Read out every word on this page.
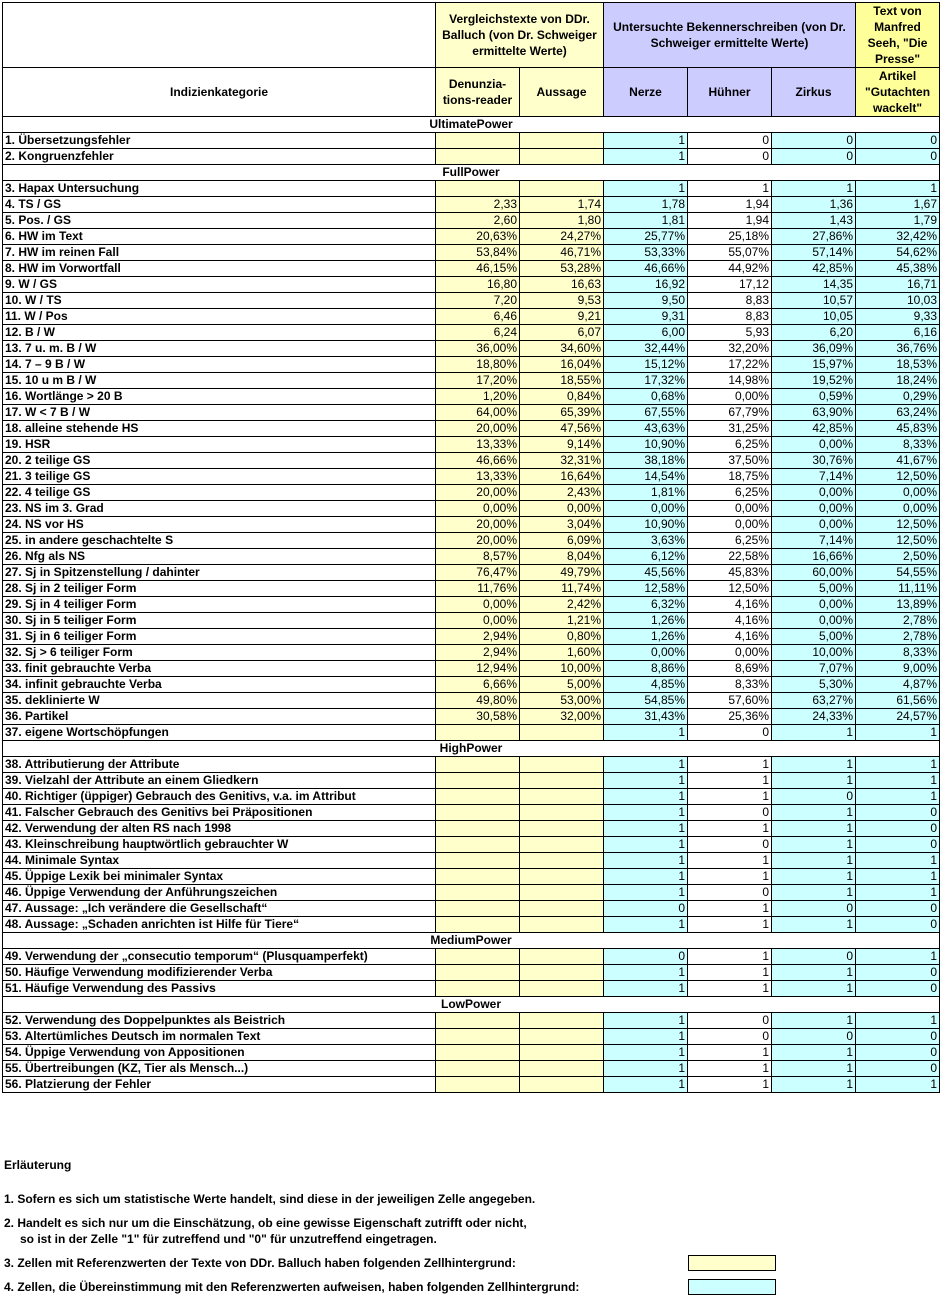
	Vergleichstexte von DDr. Balluch (von Dr. Schweiger ermittelte Werte)		Untersuchte Bekennerschreiben (von Dr. Schweiger ermittelte Werte)			Text von Manfred Seeh, "Die Presse"
Indizienkategorie	Denunzia-tions-reader	Aussage	Nerze	Hühner	Zirkus	Artikel "Gutachten wackelt"
UltimatePower						
1. Übersetzungsfehler			1	0	0	0
2. Kongruenzfehler			1	0	0	0
FullPower						
3. Hapax Untersuchung			1	1	1	1
4. TS / GS	2,33	1,74	1,78	1,94	1,36	1,67
5. Pos. / GS	2,60	1,80	1,81	1,94	1,43	1,79
6. HW im Text	20,63%	24,27%	25,77%	25,18%	27,86%	32,42%
7. HW im reinen Fall	53,84%	46,71%	53,33%	55,07%	57,14%	54,62%
8. HW im Vorwortfall	46,15%	53,28%	46,66%	44,92%	42,85%	45,38%
9. W / GS	16,80	16,63	16,92	17,12	14,35	16,71
10. W / TS	7,20	9,53	9,50	8,83	10,57	10,03
11. W / Pos	6,46	9,21	9,31	8,83	10,05	9,33
12. B / W	6,24	6,07	6,00	5,93	6,20	6,16
13. 7 u. m. B / W	36,00%	34,60%	32,44%	32,20%	36,09%	36,76%
14. 7 – 9 B / W	18,80%	16,04%	15,12%	17,22%	15,97%	18,53%
15. 10 u m B / W	17,20%	18,55%	17,32%	14,98%	19,52%	18,24%
16. Wortlänge > 20 B	1,20%	0,84%	0,68%	0,00%	0,59%	0,29%
17. W < 7 B / W	64,00%	65,39%	67,55%	67,79%	63,90%	63,24%
18. alleine stehende HS	20,00%	47,56%	43,63%	31,25%	42,85%	45,83%
19. HSR	13,33%	9,14%	10,90%	6,25%	0,00%	8,33%
20. 2 teilige GS	46,66%	32,31%	38,18%	37,50%	30,76%	41,67%
21. 3 teilige GS	13,33%	16,64%	14,54%	18,75%	7,14%	12,50%
22. 4 teilige GS	20,00%	2,43%	1,81%	6,25%	0,00%	0,00%
23. NS im 3. Grad	0,00%	0,00%	0,00%	0,00%	0,00%	0,00%
24. NS vor HS	20,00%	3,04%	10,90%	0,00%	0,00%	12,50%
25. in andere geschachtelte S	20,00%	6,09%	3,63%	6,25%	7,14%	12,50%
26. Nfg als NS	8,57%	8,04%	6,12%	22,58%	16,66%	2,50%
27. Sj in Spitzenstellung / dahinter	76,47%	49,79%	45,56%	45,83%	60,00%	54,55%
28. Sj in 2 teiliger Form	11,76%	11,74%	12,58%	12,50%	5,00%	11,11%
29. Sj in 4 teiliger Form	0,00%	2,42%	6,32%	4,16%	0,00%	13,89%
30. Sj in 5 teiliger Form	0,00%	1,21%	1,26%	4,16%	0,00%	2,78%
31. Sj in 6 teiliger Form	2,94%	0,80%	1,26%	4,16%	5,00%	2,78%
32. Sj > 6 teiliger Form	2,94%	1,60%	0,00%	0,00%	10,00%	8,33%
33. finit gebrauchte Verba	12,94%	10,00%	8,86%	8,69%	7,07%	9,00%
34. infinit gebrauchte Verba	6,66%	5,00%	4,85%	8,33%	5,30%	4,87%
35. deklinierte W	49,80%	53,00%	54,85%	57,60%	63,27%	61,56%
36. Partikel	30,58%	32,00%	31,43%	25,36%	24,33%	24,57%
37. eigene Wortschöpfungen			1	0	1	1
HighPower						
38. Attributierung der Attribute			1	1	1	1
39. Vielzahl der Attribute an einem Gliedkern			1	1	1	1
40. Richtiger (üppiger) Gebrauch des Genitivs, v.a. im Attribut			1	1	0	1
41. Falscher Gebrauch des Genitivs bei Präpositionen			1	0	1	0
42. Verwendung der alten RS nach 1998			1	1	1	0
43. Kleinschreibung hauptwörtlich gebrauchter W			1	0	1	0
44. Minimale Syntax			1	1	1	1
45. Üppige Lexik bei minimaler Syntax			1	1	1	1
46. Üppige Verwendung der Anführungszeichen			1	0	1	1
47. Aussage: „Ich verändere die Gesellschaft“			0	1	0	0
48. Aussage: „Schaden anrichten ist Hilfe für Tiere“			1	1	1	0
MediumPower						
49. Verwendung der „consecutio temporum“ (Plusquamperfekt)			0	1	0	1
50. Häufige Verwendung modifizierender Verba			1	1	1	0
51. Häufige Verwendung des Passivs			1	1	1	0
LowPower						
52. Verwendung des Doppelpunktes als Beistrich			1	0	1	1
53. Altertümliches Deutsch im normalen Text			1	0	0	0
54. Üppige Verwendung von Appositionen			1	1	1	0
55. Übertreibungen (KZ, Tier als Mensch...)			1	1	1	0
56. Platzierung der Fehler			1	1	1	1
Erläuterung
1. Sofern es sich um statistische Werte handelt, sind diese in der jeweiligen Zelle angegeben.
2. Handelt es sich nur um die Einschätzung, ob eine gewisse Eigenschaft zutrifft oder nicht,
so ist in der Zelle "1" für zutreffend und "0" für unzutreffend eingetragen.
3. Zellen mit Referenzwerten der Texte von DDr. Balluch haben folgenden Zellhintergrund:
4. Zellen, die Übereinstimmung mit den Referenzwerten aufweisen, haben folgenden Zellhintergrund:
